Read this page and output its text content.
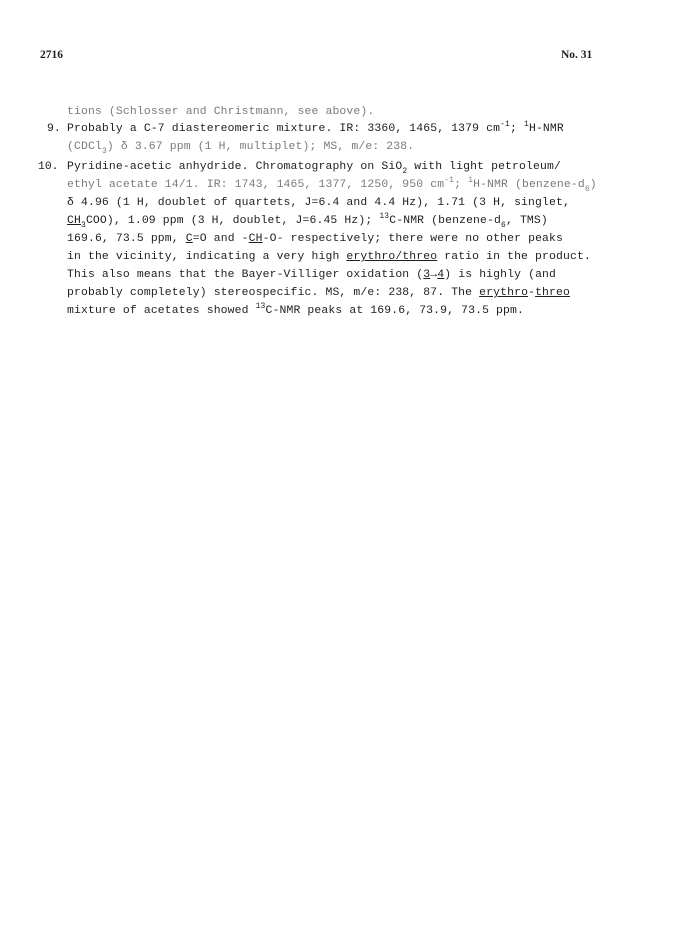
2716	No. 31
tions (Schlosser and Christmann, see above).
9. Probably a C-7 diastereomeric mixture. IR: 3360, 1465, 1379 $cm^{-1}$; $^1$H-NMR
(CDCl$_3$) δ 3.67 ppm (1 H, multiplet); MS, m/e: 238.
10. Pyridine-acetic anhydride. Chromatography on SiO$_2$ with light petroleum/
ethyl acetate 14/1. IR: 1743, 1465, 1377, 1250, 950 $cm^{-1}$; $^1$H-NMR $(benzene-d_6)$
δ 4.96 (1 H, doublet of quartets, J=6.4 and 4.4 Hz), 1.71 (3 H, singlet,
$CH_3COO$), 1.09 ppm (3 H, doublet, J=6.45 Hz); $^{13}$C-NMR ($benzene-d_6$, TMS)
169.6, 73.5 ppm, C=O and -CH-O- respectively; there were no other peaks
in the vicinity, indicating a very high erythro/threo ratio in the product.
This also means that the Bayer-Villiger oxidation (3→4) is highly (and
probably completely) stereospecific. MS, m/e: 238, 87. The erythro-threo
mixture of acetates showed $^{13}$C-NMR peaks at 169.6, 73.9, 73.5 ppm.
